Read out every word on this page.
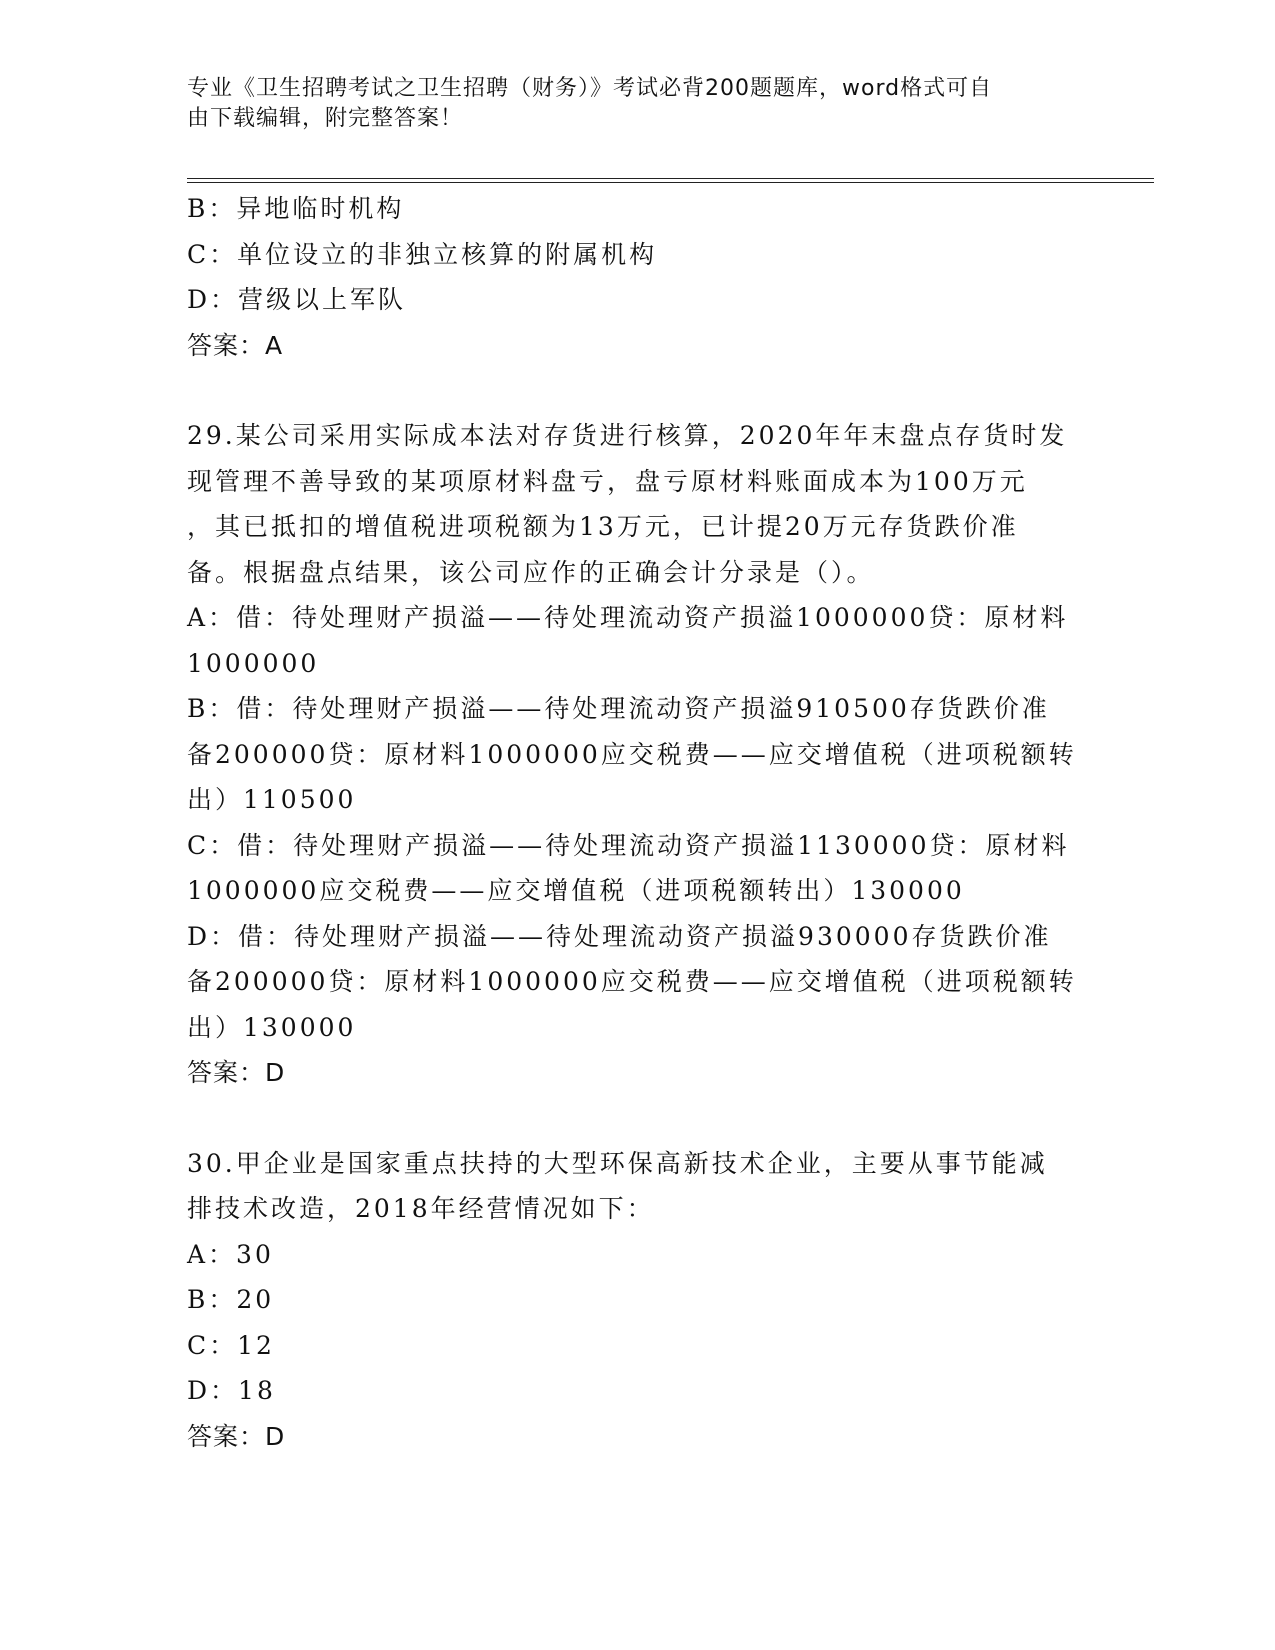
专业《卫生招聘考试之卫生招聘（财务）》考试必背200题题库，word格式可自
由下载编辑，附完整答案！
B：异地临时机构
C：单位设立的非独立核算的附属机构
D：营级以上军队
答案：A
29.某公司采用实际成本法对存货进行核算，2020年年末盘点存货时发
现管理不善导致的某项原材料盘亏，盘亏原材料账面成本为100万元
，其已抵扣的增值税进项税额为13万元，已计提20万元存货跌价准
备。根据盘点结果，该公司应作的正确会计分录是（）。
A：借：待处理财产损溢——待处理流动资产损溢1000000贷：原材料
1000000
B：借：待处理财产损溢——待处理流动资产损溢910500存货跌价准
备200000贷：原材料1000000应交税费——应交增值税（进项税额转
出）110500
C：借：待处理财产损溢——待处理流动资产损溢1130000贷：原材料
1000000应交税费——应交增值税（进项税额转出）130000
D：借：待处理财产损溢——待处理流动资产损溢930000存货跌价准
备200000贷：原材料1000000应交税费——应交增值税（进项税额转
出）130000
答案：D
30.甲企业是国家重点扶持的大型环保高新技术企业，主要从事节能减
排技术改造，2018年经营情况如下：
A：30
B：20
C：12
D：18
答案：D
